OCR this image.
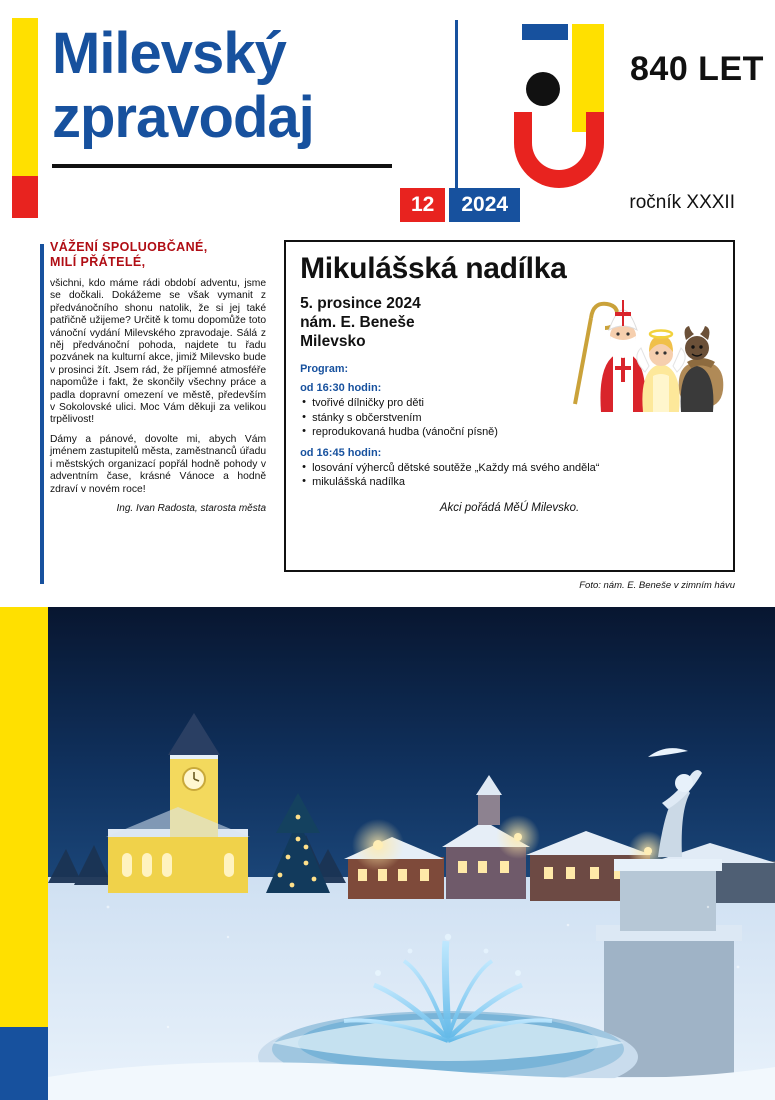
Milevský
zpravodaj
840 LET
12	2024	ročník XXXII
VÁŽENÍ SPOLUOBČANÉ,
MILÍ PŘÁTELÉ,

všichni, kdo máme rádi období adventu, jsme se dočkali. Dokážeme se však vymanit z předvánočního shonu natolik, že si jej také patřičně užijeme? Určitě k tomu dopomůže toto vánoční vydání Milevského zpravodaje. Sálá z něj předvánoční pohoda, najdete tu řadu pozvánek na kulturní akce, jimiž Milevsko bude v prosinci žít. Jsem rád, že příjemné atmosféře napomůže i fakt, že skončily všechny práce a padla dopravní omezení ve městě, především v Sokolovské ulici. Moc Vám děkuji za velikou trpělivost!

Dámy a pánové, dovolte mi, abych Vám jménem zastupitelů města, zaměstnanců úřadu i městských organizací popřál hodně pohody v adventním čase, krásné Vánoce a hodně zdraví v novém roce!

Ing. Ivan Radosta, starosta města
Mikulášská nadílka
5. prosince 2024
nám. E. Beneše
Milevsko
Program:
od 16:30 hodin:
• tvořivé dílničky pro děti
• stánky s občerstvením
• reprodukovaná hudba (vánoční písně)
od 16:45 hodin:
• losování výherců dětské soutěže „Každy má svého anděla“
• mikulášská nadílka
Akci pořádá MěÚ Milevsko.
Foto: nám. E. Beneše v zimním hávu
